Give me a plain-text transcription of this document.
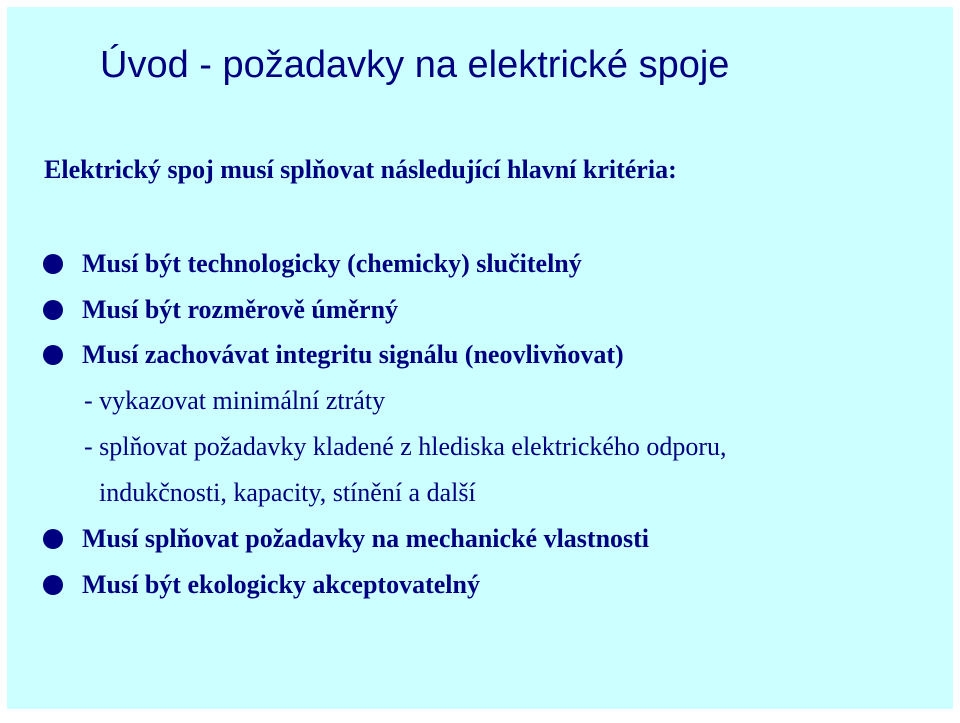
Úvod - požadavky na elektrické spoje
Elektrický spoj musí splňovat následující hlavní kritéria:
Musí být technologicky (chemicky) slučitelný
Musí být rozměrově úměrný
Musí zachovávat integritu signálu (neovlivňovat)
- vykazovat minimální ztráty
- splňovat požadavky kladené z hlediska elektrického odporu,
indukčnosti, kapacity, stínění a další
Musí splňovat požadavky na mechanické vlastnosti
Musí být ekologicky akceptovatelný
